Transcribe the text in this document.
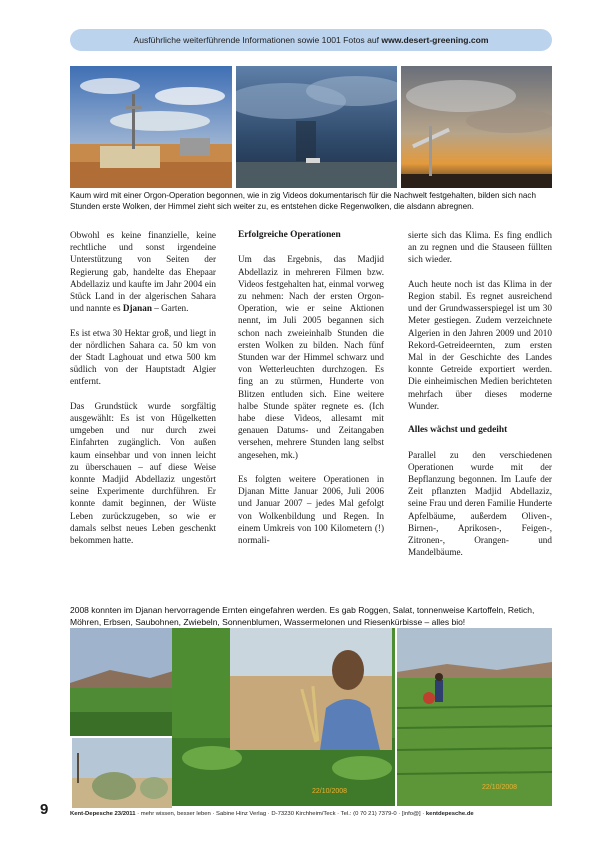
Ausführliche weiterführende Informationen sowie 1001 Fotos auf www.desert-greening.com
Kaum wird mit einer Orgon-Operation begonnen, wie in zig Videos dokumentarisch für die Nachwelt festgehalten, bilden sich nach Stunden erste Wolken, der Himmel zieht sich weiter zu, es entstehen dicke Regenwolken, die alsdann abregnen.

Obwohl es keine finanzielle, keine rechtliche und sonst irgendeine Unterstützung von Seiten der Regierung gab, handelte das Ehepaar Abdellaziz und kaufte im Jahr 2004 ein Stück Land in der algerischen Sahara und nannte es Djanan – Garten.

Es ist etwa 30 Hektar groß, und liegt in der nördlichen Sahara ca. 50 km von der Stadt Laghouat und etwa 500 km südlich von der Hauptstadt Algier entfernt.

Das Grundstück wurde sorgfältig ausgewählt: Es ist von Hügelketten umgeben und nur durch zwei Einfahrten zugänglich. Von außen kaum einsehbar und von innen leicht zu überschauen – auf diese Weise konnte Madjid Abdellaziz ungestört seine Experimente durchführen. Er konnte damit beginnen, der Wüste Leben zurückzugeben, so wie er damals selbst neues Leben geschenkt bekommen hatte.

Erfolgreiche Operationen

Um das Ergebnis, das Madjid Abdellaziz in mehreren Filmen bzw. Videos festgehalten hat, einmal vorweg zu nehmen: Nach der ersten Orgon-Operation, wie er seine Aktionen nennt, im Juli 2005 begannen sich schon nach zweieinhalb Stunden die ersten Wolken zu bilden. Nach fünf Stunden war der Himmel schwarz und von Wetterleuchten durchzogen. Es fing an zu stürmen, Hunderte von Blitzen entluden sich. Eine weitere halbe Stunde später regnete es. (Ich habe diese Videos, allesamt mit genauen Datums- und Zeitangaben versehen, mehrere Stunden lang selbst angesehen, mk.)

Es folgten weitere Operationen in Djanan Mitte Januar 2006, Juli 2006 und Januar 2007 – jedes Mal gefolgt von Wolkenbildung und Regen. In einem Umkreis von 100 Kilometern (!) normali-

sierte sich das Klima. Es fing endlich an zu regnen und die Stauseen füllten sich wieder.

Auch heute noch ist das Klima in der Region stabil. Es regnet ausreichend und der Grundwasserspiegel ist um 30 Meter gestiegen. Zudem verzeichnete Algerien in den Jahren 2009 und 2010 Rekord-Getreideernten, zum ersten Mal in der Geschichte des Landes konnte Getreide exportiert werden. Die einheimischen Medien berichteten mehrfach über dieses moderne Wunder.

Alles wächst und gedeiht

Parallel zu den verschiedenen Operationen wurde mit der Bepflanzung begonnen. Im Laufe der Zeit pflanzten Madjid Abdellaziz, seine Frau und deren Familie Hunderte Apfelbäume, außerdem Oliven-, Birnen-, Aprikosen-, Feigen-, Zitronen-, Orangen- und Mandelbäume.

2008 konnten im Djanan hervorragende Ernten eingefahren werden. Es gab Roggen, Salat, tonnenweise Kartoffeln, Retich, Möhren, Erbsen, Saubohnen, Zwiebeln, Sonnenblumen, Wassermelonen und Riesenkürbisse – alles bio!
22/10/2008
22/10/2008
9	Kent-Depesche 23/2011 · mehr wissen, besser leben · Sabine Hinz Verlag · D-73230 Kirchheim/Teck · Tel.: (0 70 21) 7379-0 · [info@] · kentdepesche.de
